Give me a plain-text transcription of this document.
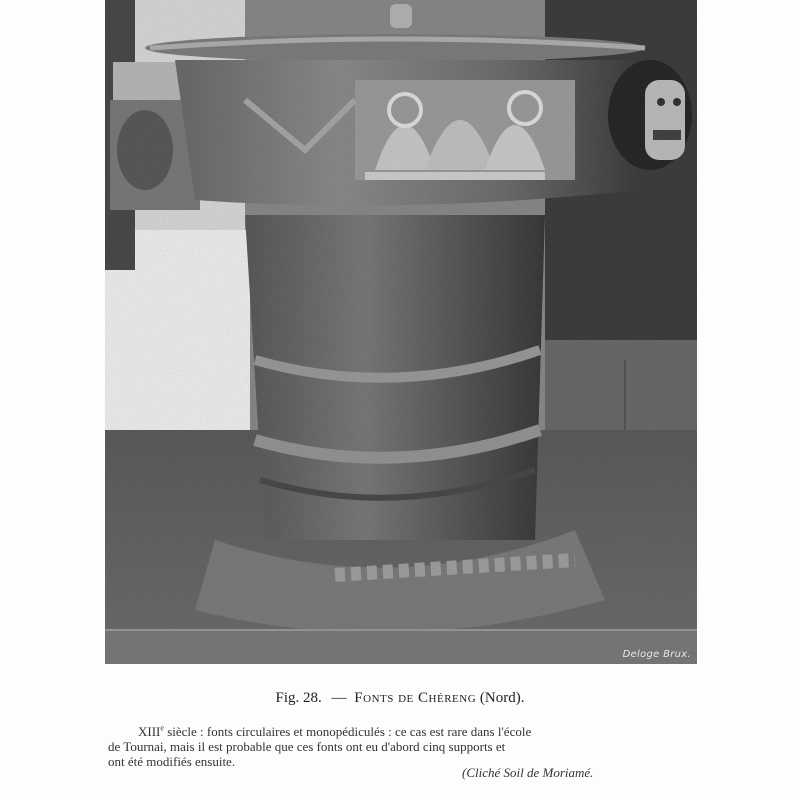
Deloge Brux.
Fig. 28. — Fonts de Chéreng (Nord).
XIIIe siècle : fonts circulaires et monopédiculés : ce cas est rare dans l'école
de Tournai, mais il est probable que ces fonts ont eu d'abord cinq supports et
ont été modifiés ensuite.
(Cliché Soil de Moriamé.
